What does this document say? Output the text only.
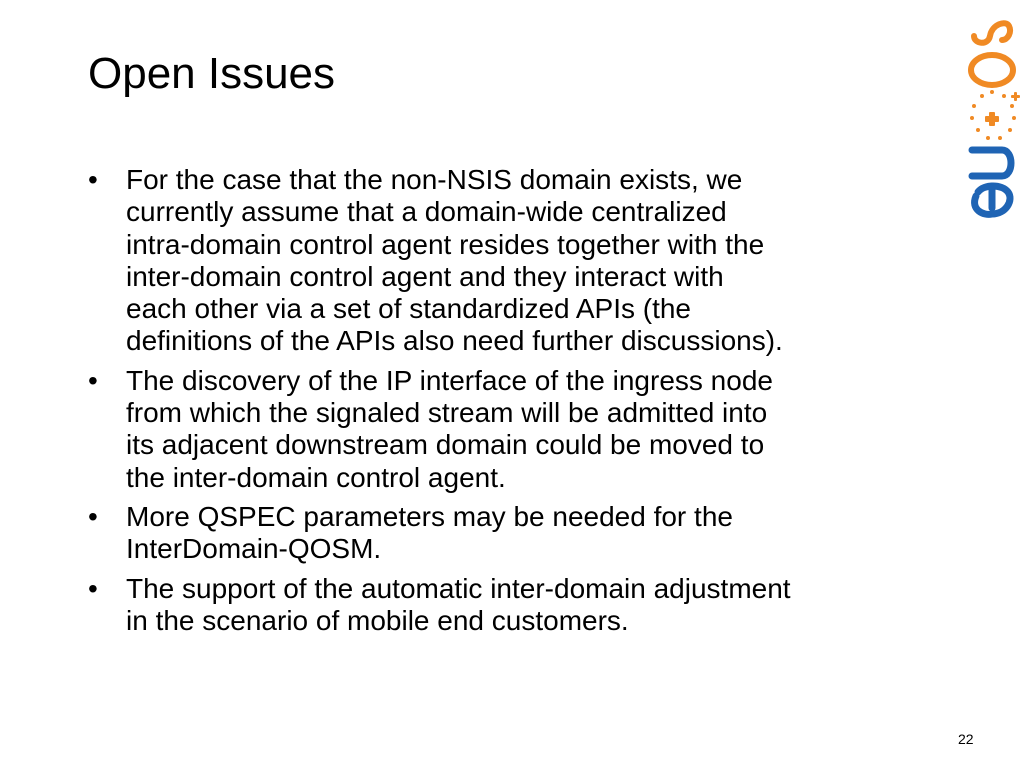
Open Issues
• For the case that the non-NSIS domain exists, we
currently assume that a domain-wide centralized
intra-domain control agent resides together with the
inter-domain control agent and they interact with
each other via a set of standardized APIs (the
definitions of the APIs also need further discussions).
• The discovery of the IP interface of the ingress node
from which the signaled stream will be admitted into
its adjacent downstream domain could be moved to
the inter-domain control agent.
• More QSPEC parameters may be needed for the
InterDomain-QOSM.
• The support of the automatic inter-domain adjustment
in the scenario of mobile end customers.
22
